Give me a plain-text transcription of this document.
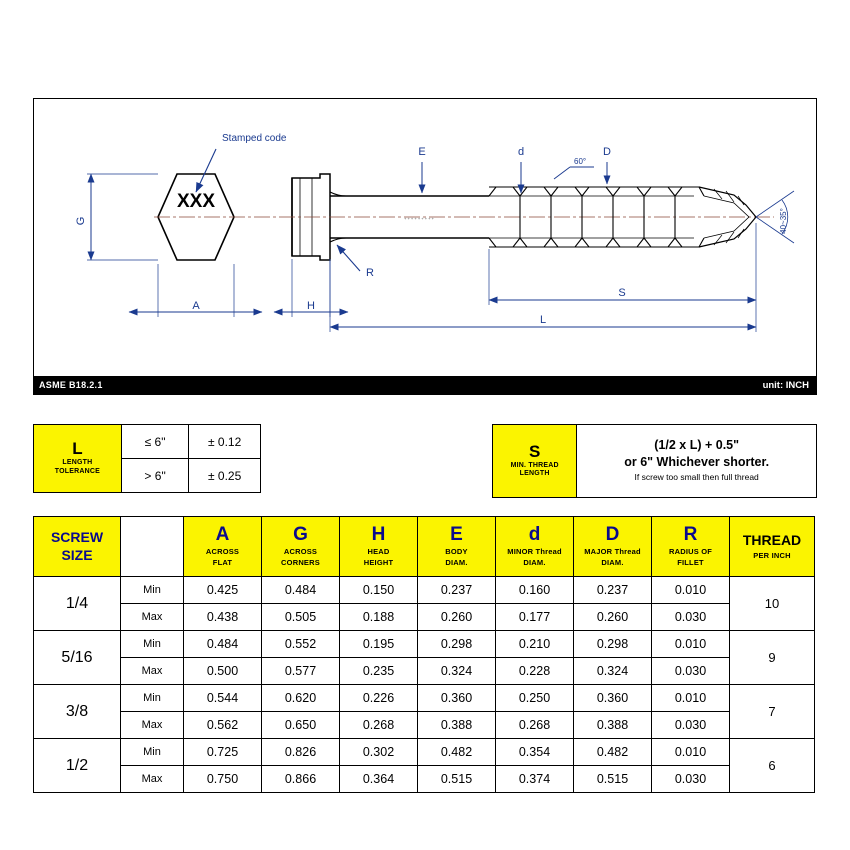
XXX
Stamped code
G
A
+ + + + + + + + +
R
E	d	D
60°
40~35°
H
S
L
ASME B18.2.1	unit: INCH
L
LENGTH
TOLERANCE	≤ 6"	± 0.12
	> 6"	± 0.25
S
MIN. THREAD
LENGTH

(1/2 x L) + 0.5"
or 6" Whichever shorter.
If screw too small then full thread
SCREW
SIZE

A
ACROSS
FLAT

G
ACROSS
CORNERS

H
HEAD
HEIGHT

E
BODY
DIAM.

d
MINOR Thread
DIAM.

D
MAJOR Thread
DIAM.

R
RADIUS OF
FILLET

THREAD
PER INCH

1/4	Min	0.425	0.484	0.150	0.237	0.160	0.237	0.010	10
	Max	0.438	0.505	0.188	0.260	0.177	0.260	0.030	
5/16	Min	0.484	0.552	0.195	0.298	0.210	0.298	0.010	9
	Max	0.500	0.577	0.235	0.324	0.228	0.324	0.030	
3/8	Min	0.544	0.620	0.226	0.360	0.250	0.360	0.010	7
	Max	0.562	0.650	0.268	0.388	0.268	0.388	0.030	
1/2	Min	0.725	0.826	0.302	0.482	0.354	0.482	0.010	6
	Max	0.750	0.866	0.364	0.515	0.374	0.515	0.030	
